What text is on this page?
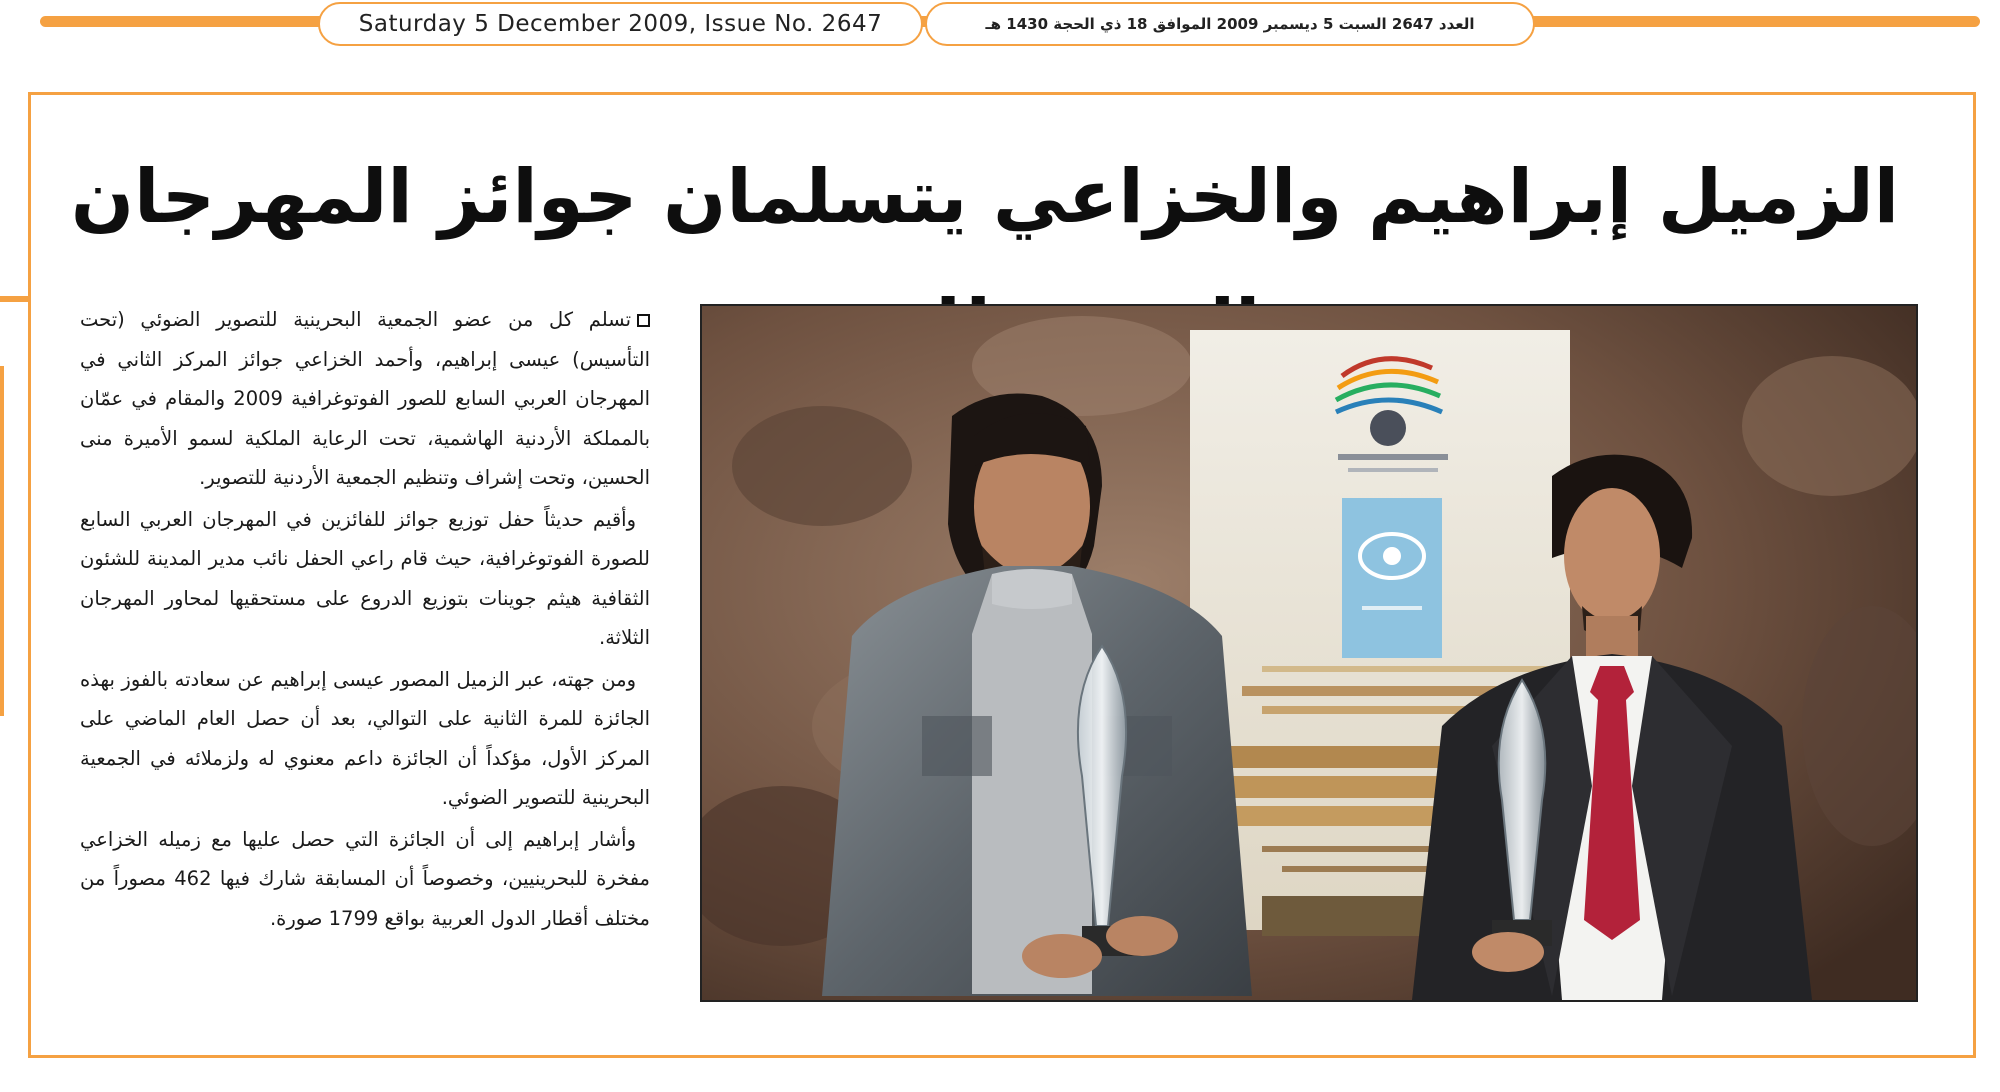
Saturday 5 December 2009, Issue No. 2647	العدد 2647 السبت 5 ديسمبر 2009 الموافق 18 ذي الحجة 1430 هـ
الزميل إبراهيم والخزاعي يتسلمان جوائز المهرجان

تسلم كل من عضو الجمعية البحرينية للتصوير الضوئي (تحت التأسيس) عيسى إبراهيم، وأحمد الخزاعي جوائز المركز الثاني في المهرجان العربي السابع للصور الفوتوغرافية 2009 والمقام في عمّان بالمملكة الأردنية الهاشمية، تحت الرعاية الملكية لسمو الأميرة منى الحسين، وتحت إشراف وتنظيم الجمعية الأردنية للتصوير.

وأقيم حديثاً حفل توزيع جوائز للفائزين في المهرجان العربي السابع للصورة الفوتوغرافية، حيث قام راعي الحفل نائب مدير المدينة للشئون الثقافية هيثم جوينات بتوزيع الدروع على مستحقيها لمحاور المهرجان الثلاثة.

ومن جهته، عبر الزميل المصور عيسى إبراهيم عن سعادته بالفوز بهذه الجائزة للمرة الثانية على التوالي، بعد أن حصل العام الماضي على المركز الأول، مؤكداً أن الجائزة داعم معنوي له ولزملائه في الجمعية البحرينية للتصوير الضوئي.

وأشار إبراهيم إلى أن الجائزة التي حصل عليها مع زميله الخزاعي مفخرة للبحرينيين، وخصوصاً أن المسابقة شارك فيها 462 مصوراً من مختلف أقطار الدول العربية بواقع 1799 صورة.
